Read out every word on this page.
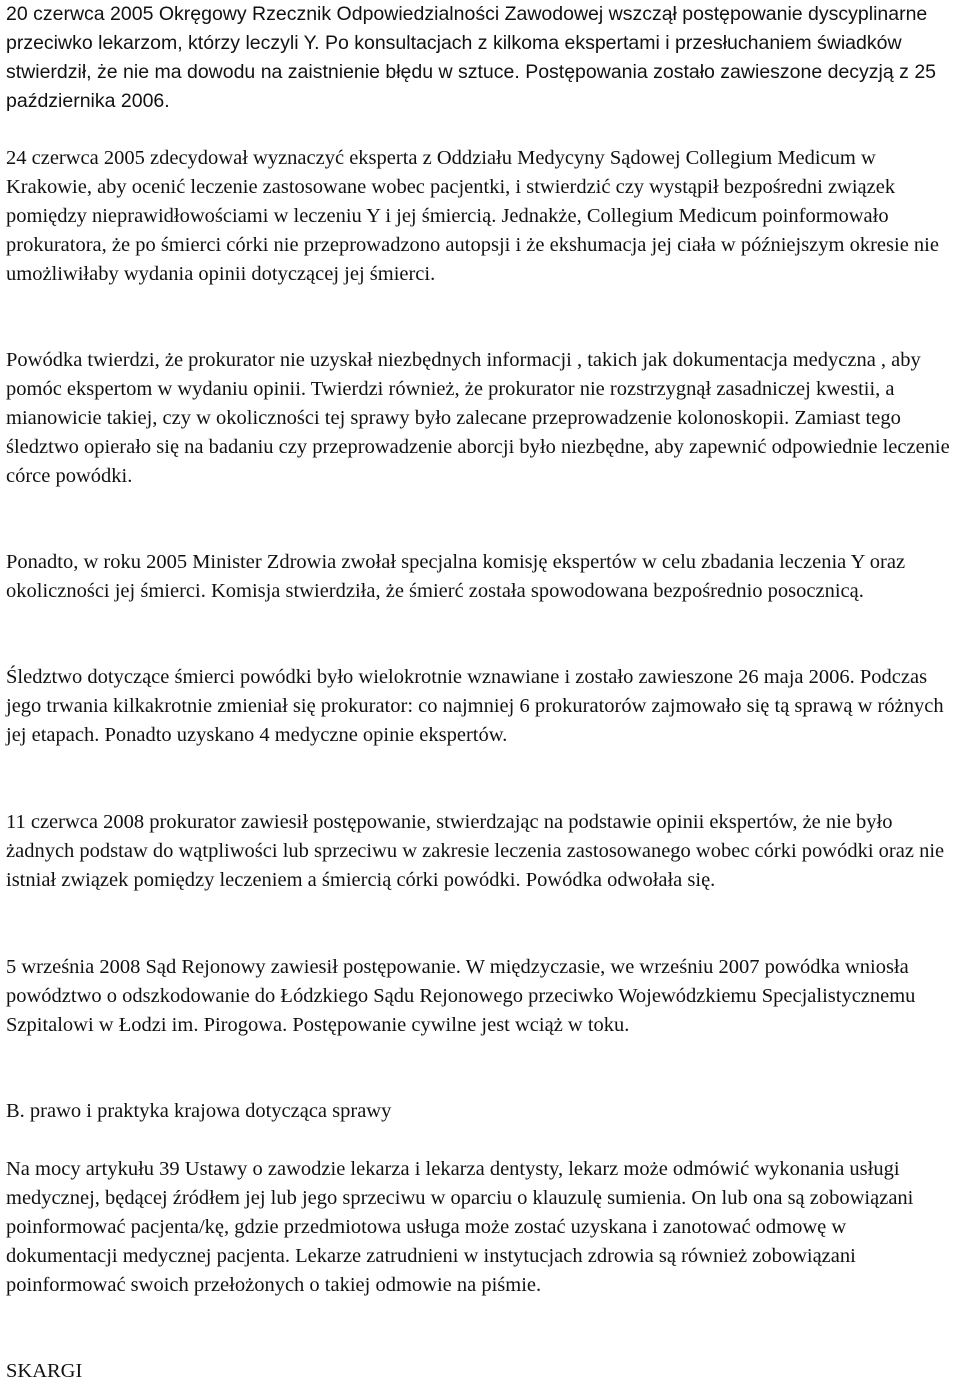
20 czerwca 2005 Okręgowy Rzecznik Odpowiedzialności Zawodowej wszczął postępowanie dyscyplinarne przeciwko lekarzom, którzy leczyli Y. Po konsultacjach z kilkoma ekspertami i przesłuchaniem świadków stwierdził, że nie ma dowodu na zaistnienie błędu w sztuce. Postępowania zostało zawieszone decyzją z 25 października 2006.

24 czerwca 2005 zdecydował wyznaczyć eksperta z Oddziału Medycyny Sądowej Collegium Medicum w Krakowie, aby ocenić leczenie zastosowane wobec pacjentki, i stwierdzić czy wystąpił bezpośredni związek pomiędzy nieprawidłowościami w leczeniu Y i jej śmiercią. Jednakże, Collegium Medicum poinformowało prokuratora, że po śmierci córki nie przeprowadzono autopsji i że ekshumacja jej ciała w późniejszym okresie nie umożliwiłaby wydania opinii dotyczącej jej śmierci.

Powódka twierdzi, że prokurator nie uzyskał niezbędnych informacji , takich jak dokumentacja medyczna , aby pomóc ekspertom w wydaniu opinii. Twierdzi również, że prokurator nie rozstrzygnął zasadniczej kwestii, a mianowicie takiej, czy w okoliczności tej sprawy było zalecane przeprowadzenie kolonoskopii. Zamiast tego śledztwo opierało się na badaniu czy przeprowadzenie aborcji było niezbędne, aby zapewnić odpowiednie leczenie córce powódki.

Ponadto, w roku 2005 Minister Zdrowia zwołał specjalna komisję ekspertów w celu zbadania leczenia Y oraz okoliczności jej śmierci. Komisja stwierdziła, że śmierć została spowodowana bezpośrednio posocznicą.

Śledztwo dotyczące śmierci powódki było wielokrotnie wznawiane i zostało zawieszone 26 maja 2006. Podczas jego trwania kilkakrotnie zmieniał się prokurator: co najmniej 6 prokuratorów zajmowało się tą sprawą w różnych jej etapach. Ponadto uzyskano 4 medyczne opinie ekspertów.

11 czerwca 2008 prokurator zawiesił postępowanie, stwierdzając na podstawie opinii ekspertów, że nie było żadnych podstaw do wątpliwości lub sprzeciwu w zakresie leczenia zastosowanego wobec córki powódki oraz nie istniał związek pomiędzy leczeniem a śmiercią córki powódki. Powódka odwołała się.

5 września 2008 Sąd Rejonowy zawiesił postępowanie. W międzyczasie, we wrześniu 2007 powódka wniosła powództwo o odszkodowanie do Łódzkiego Sądu Rejonowego przeciwko Wojewódzkiemu Specjalistycznemu Szpitalowi w Łodzi im. Pirogowa. Postępowanie cywilne jest wciąż w toku.

B. prawo i praktyka krajowa dotycząca sprawy

Na mocy artykułu 39 Ustawy o zawodzie lekarza i lekarza dentysty, lekarz może odmówić wykonania usługi medycznej, będącej źródłem jej lub jego sprzeciwu w oparciu o klauzulę sumienia. On lub ona są zobowiązani poinformować pacjenta/kę, gdzie przedmiotowa usługa może zostać uzyskana i zanotować odmowę w dokumentacji medycznej pacjenta. Lekarze zatrudnieni w instytucjach zdrowia są również zobowiązani poinformować swoich przełożonych o takiej odmowie na piśmie.

SKARGI
